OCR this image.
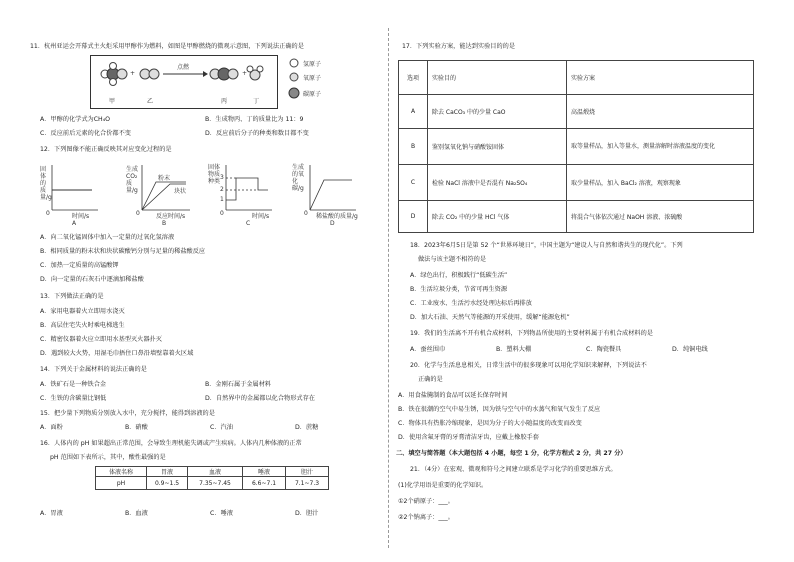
11．杭州亚运会开幕式主火炬采用甲醇作为燃料，如图是甲醇燃烧的微观示意图，下列说法正确的是
+	+
点燃
甲	乙	丙	丁
氢原子
氧原子
碳原子
A．甲醇的化学式为CH₄O	B．生成物丙、丁的质量比为 11：9
C．反应前后元素的化合价都不变	D．反应前后分子的种类和数目都不变
12．下列图像不能正确反映其对应变化过程的是
固体的质量/g
0	时间/s
A
生成CO₂质量/g
0	反应时间/s
粉末
块状
B
固体物质种类
3
2
1
0	时间/s
C
生成的氧化碳/g
0 稀盐酸的质量/g
D
A．向二氧化锰固体中加入一定量的过氧化氢溶液
B．相同质量的粉末状和块状碳酸钙分别与足量的稀盐酸反应
C．加热一定质量的高锰酸钾
D．向一定量的石灰石中逐滴加稀盐酸
13．下列做法正确的是
A．家用电器着火立即用水浇灭
B．高层住宅失火时乘电梯逃生
C．精密仪器着火应立即用水基型灭火器扑灭
D．遇到较大火势，用湿毛巾捂住口鼻沿墙壁靠着火区域
14．下列关于金属材料的说法正确的是
A．铁矿石是一种铁合金	B．金刚石属于金属材料
C．生铁的含碳量比钢低	D．自然界中的金属都以化合物形式存在
15．把少量下列物质分别放入水中，充分搅拌，能得到溶液的是
A．面粉	B．硝酸	C．汽油	D．蔗糖
16．人体内的 pH 如果超出正常范围，会导致生理机能失调或产生疾病。人体内几种体液的正常
pH 范围如下表所示，其中，酸性最强的是
体液名称	胃液	血液	唾液	胆汁
pH	0.9~1.5	7.35~7.45	6.6~7.1	7.1~7.3
A．胃液	B．血液	C．唾液	D．胆汁
17．下列实验方案，能达到实验目的的是
选项	实验目的	实验方案
A	除去 CaCO₃ 中的少量 CaO	高温煅烧
B	鉴别氢氧化钠与硝酸铵固体	取等量样品，加入等量水，测量溶解时溶液温度的变化
C	检验 NaCl 溶液中是否混有 Na₂SO₄	取少量样品，加入 BaCl₂ 溶液，观察现象
D	除去 CO₂ 中的少量 HCl 气体	将混合气体依次通过 NaOH 溶液、浓硫酸
18．2023年6月5日是第 52 个“世界环境日”，中国主题为“建设人与自然和谐共生的现代化”。下列
做法与该主题不相符的是
A．绿色出行，积极践行“低碳生活”
B．生活垃圾分类，节省可再生资源
C．工业废水、生活污水经处理达标后再排放
D．加大石油、天然气等能源的开采使用，缓解“能源危机”
19．我们的生活离不开有机合成材料，下列物品所使用的主要材料属于有机合成材料的是
A．蚕丝围巾	B．塑料大棚	C．陶瓷餐具	D．纯铜电线
20．化学与生活息息相关，日常生活中的很多现象可以用化学知识来解释，下列说法不
正确的是
A．用食盐腌制的食品可以延长保存时间
B．铁在很潮的空气中易生锈，因为铁与空气中的水蒸气和氧气发生了反应
C．物体具有热胀冷缩现象，是因为分子的大小随温度的改变而改变
D．使用含氟牙膏的牙膏清洁牙齿，应戴上橡胶手套
二、填空与简答题（本大题包括 4 小题，每空 1 分，化学方程式 2 分，共 27 分）
21．（4分）在宏观、微观和符号之间建立联系是学习化学的重要思维方式。
(1)化学用语是重要的化学知识。
①2个硝原子：___。
②2个钠离子：___。
